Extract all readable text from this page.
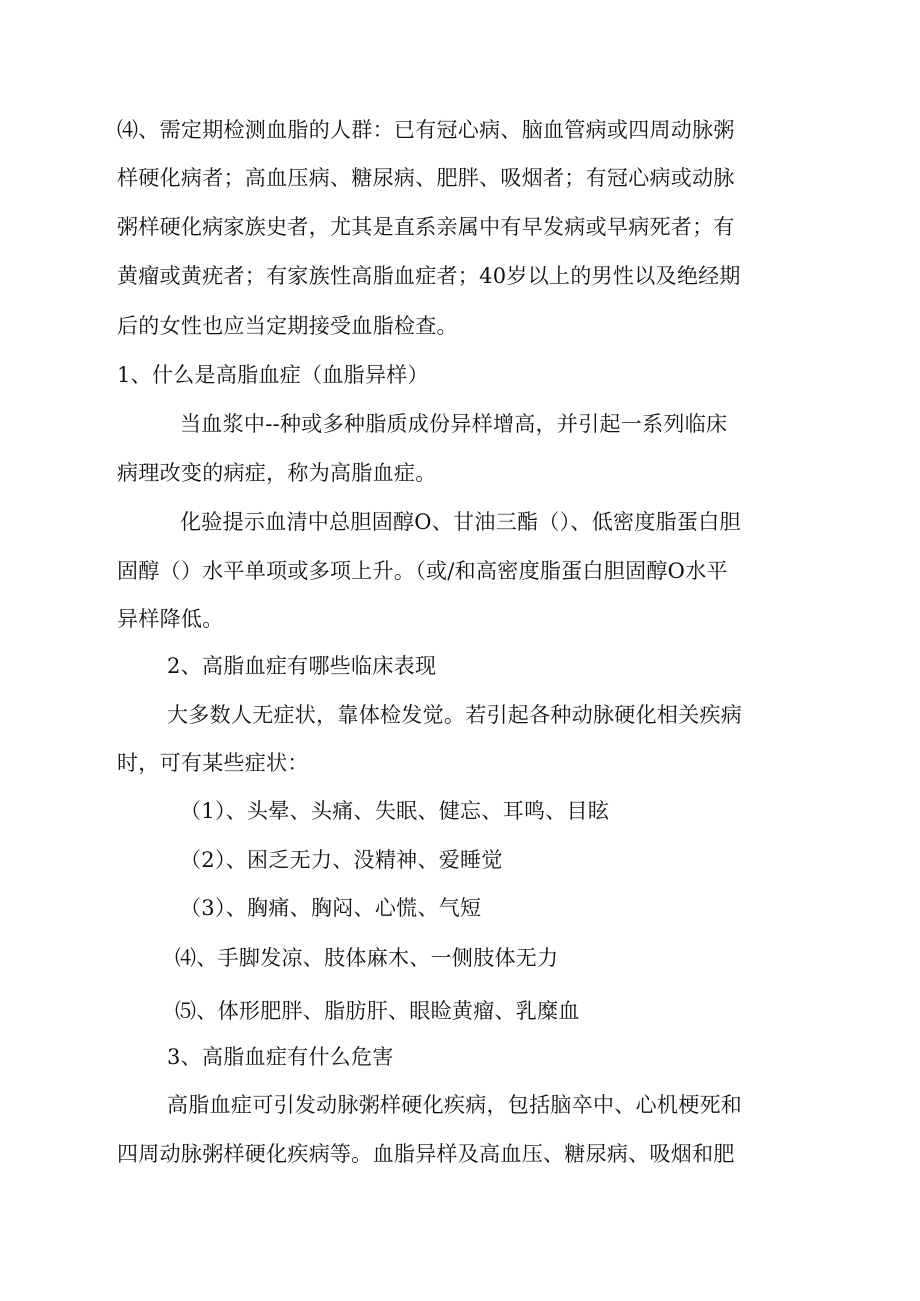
⑷、需定期检测血脂的人群：已有冠心病、脑血管病或四周动脉粥
样硬化病者；高血压病、糖尿病、肥胖、吸烟者；有冠心病或动脉
粥样硬化病家族史者，尤其是直系亲属中有早发病或早病死者；有
黄瘤或黄疣者；有家族性高脂血症者；40岁以上的男性以及绝经期
后的女性也应当定期接受血脂检查。
1、什么是高脂血症（血脂异样）
当血浆中--种或多种脂质成份异样增高，并引起一系列临床
病理改变的病症，称为高脂血症。
化验提示血清中总胆固醇O、甘油三酯（）、低密度脂蛋白胆
固醇（）水平单项或多项上升。（或/和高密度脂蛋白胆固醇O水平
异样降低。
2、高脂血症有哪些临床表现
大多数人无症状，靠体检发觉。若引起各种动脉硬化相关疾病
时，可有某些症状：
（1）、头晕、头痛、失眠、健忘、耳鸣、目眩
（2）、困乏无力、没精神、爱睡觉
（3）、胸痛、胸闷、心慌、气短
⑷、手脚发凉、肢体麻木、一侧肢体无力
⑸、体形肥胖、脂肪肝、眼睑黄瘤、乳糜血
3、高脂血症有什么危害
高脂血症可引发动脉粥样硬化疾病，包括脑卒中、心机梗死和
四周动脉粥样硬化疾病等。血脂异样及高血压、糖尿病、吸烟和肥
